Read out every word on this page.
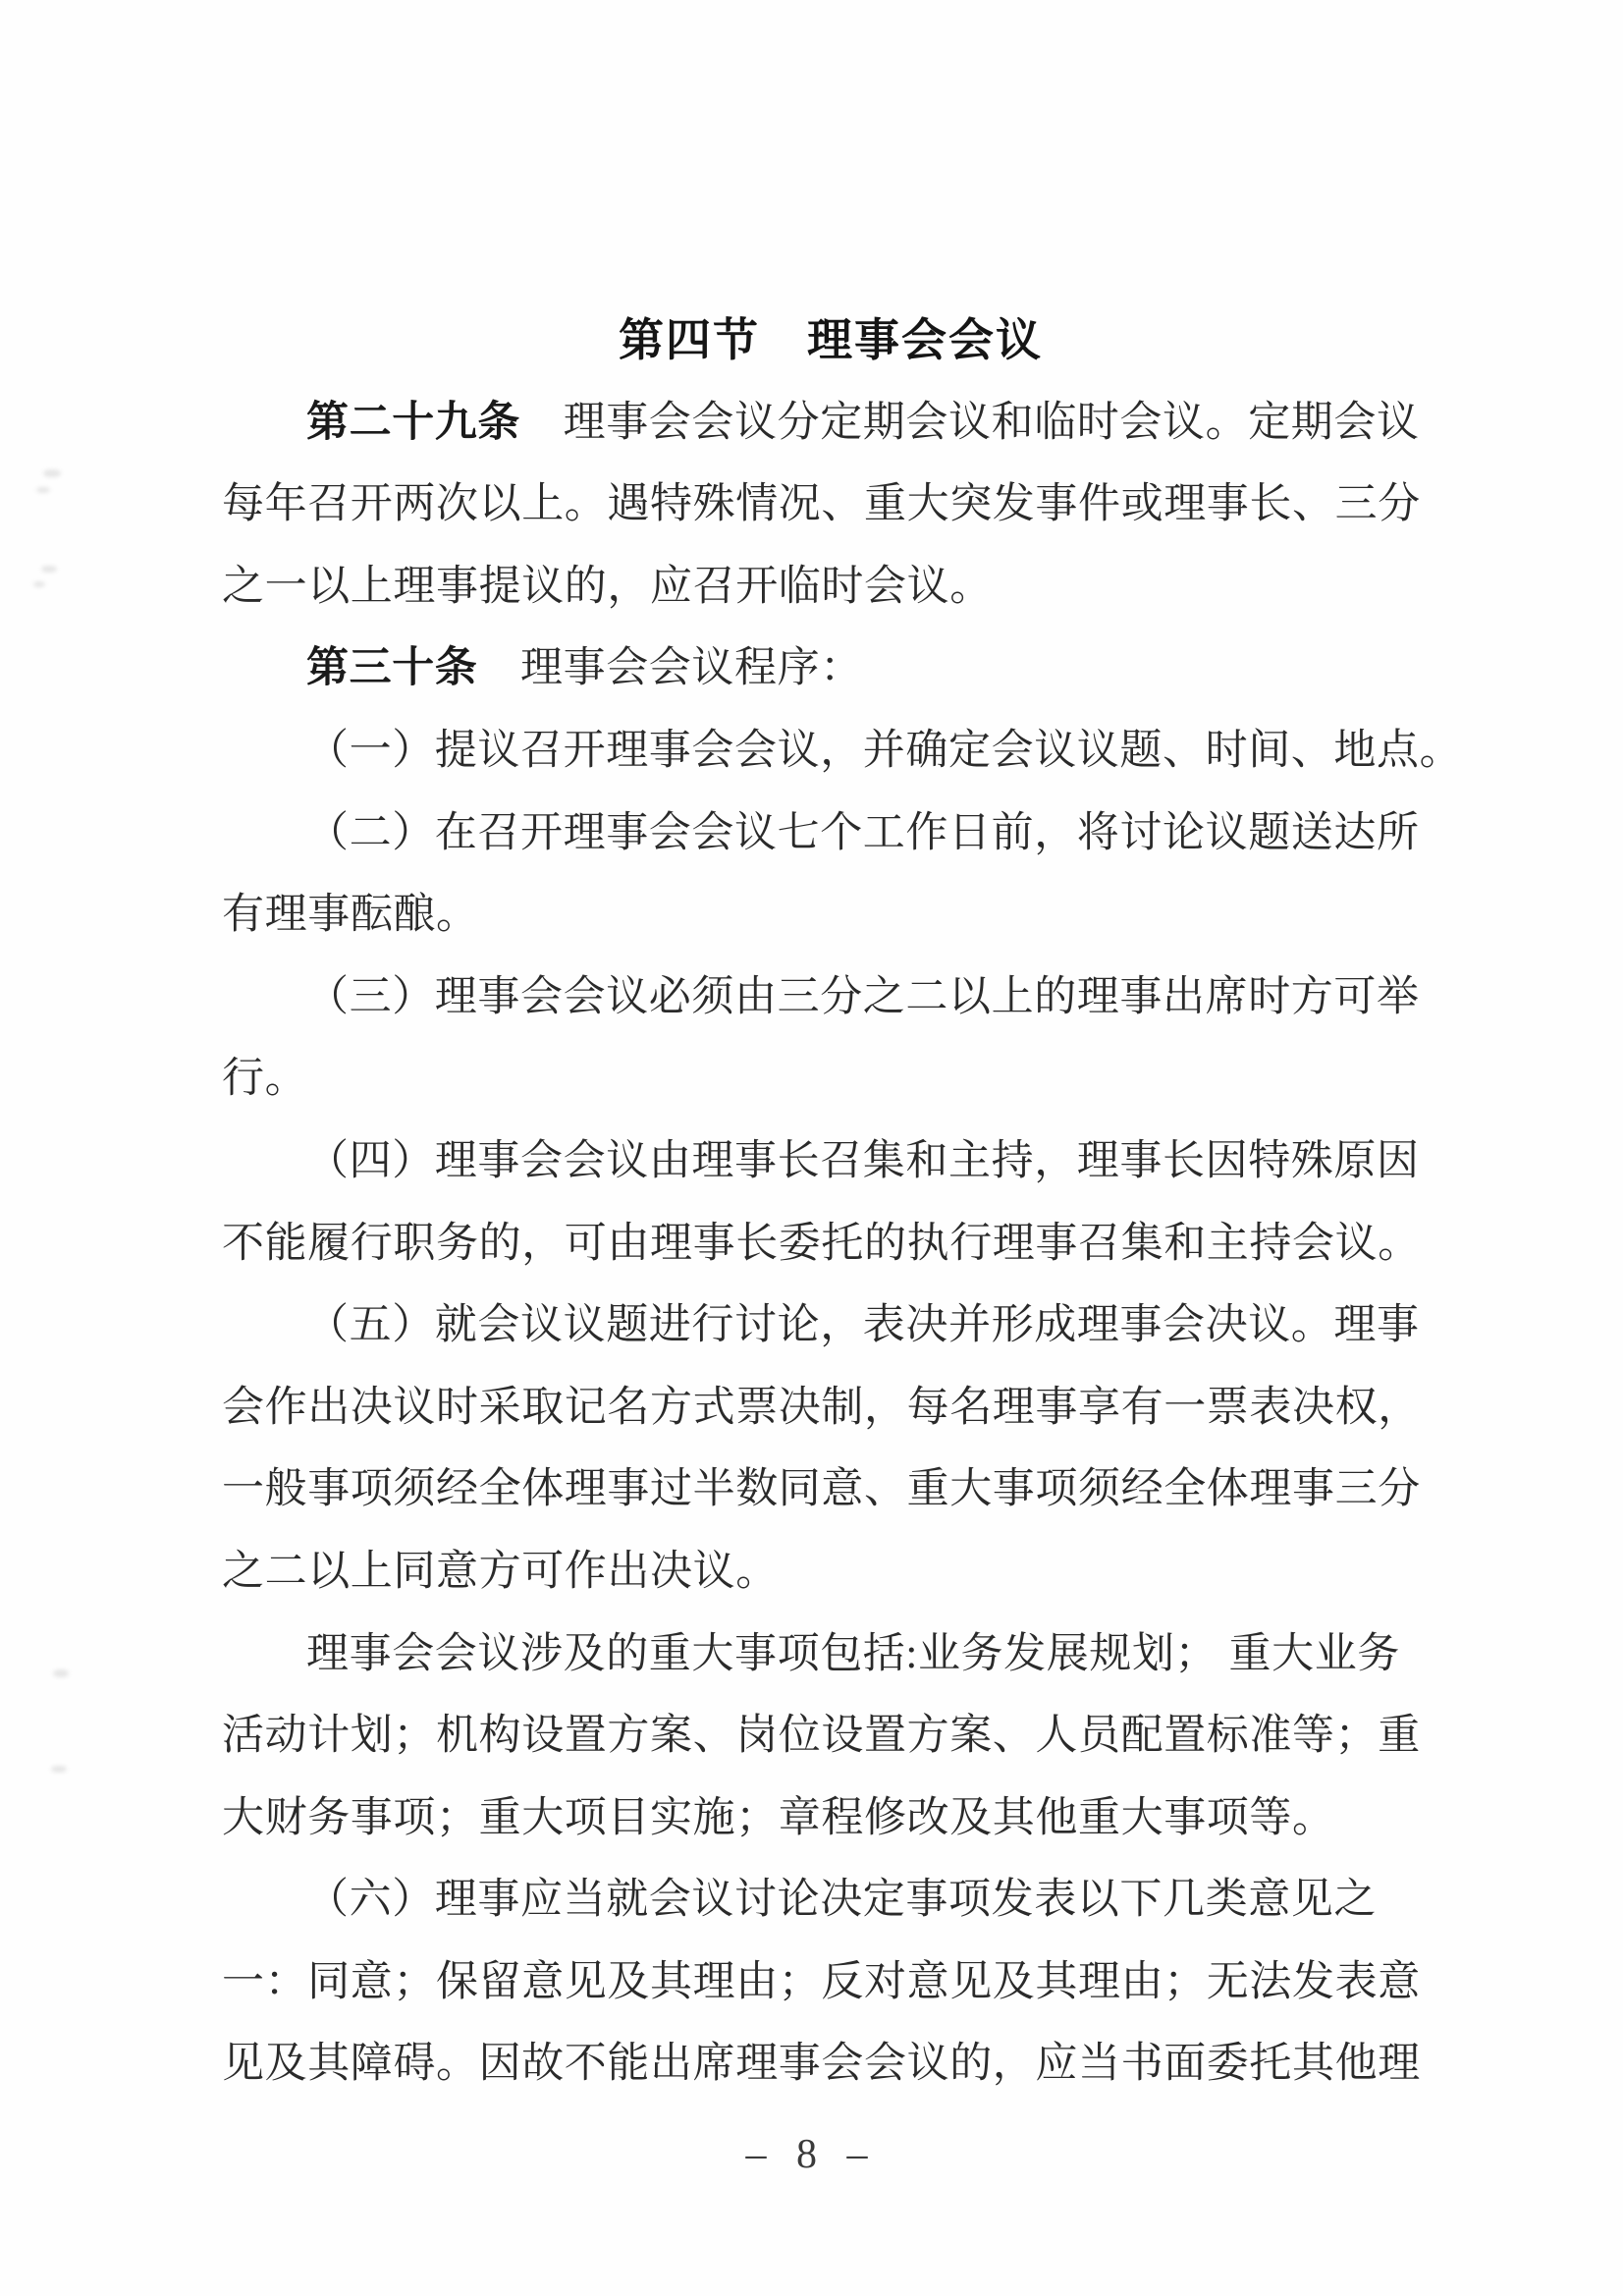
第四节　理事会会议
第二十九条　理事会会议分定期会议和临时会议。定期会议
每年召开两次以上。遇特殊情况、重大突发事件或理事长、三分
之一以上理事提议的，应召开临时会议。
第三十条　理事会会议程序：
（一）提议召开理事会会议，并确定会议议题、时间、地点。
（二）在召开理事会会议七个工作日前，将讨论议题送达所
有理事酝酿。
（三）理事会会议必须由三分之二以上的理事出席时方可举
行。
（四）理事会会议由理事长召集和主持，理事长因特殊原因
不能履行职务的，可由理事长委托的执行理事召集和主持会议。
（五）就会议议题进行讨论，表决并形成理事会决议。理事
会作出决议时采取记名方式票决制，每名理事享有一票表决权，
一般事项须经全体理事过半数同意、重大事项须经全体理事三分
之二以上同意方可作出决议。
理事会会议涉及的重大事项包括:业务发展规划； 重大业务
活动计划；机构设置方案、岗位设置方案、人员配置标准等；重
大财务事项；重大项目实施；章程修改及其他重大事项等。
（六）理事应当就会议讨论决定事项发表以下几类意见之
一：同意；保留意见及其理由；反对意见及其理由；无法发表意
见及其障碍。因故不能出席理事会会议的，应当书面委托其他理
– 8 –
